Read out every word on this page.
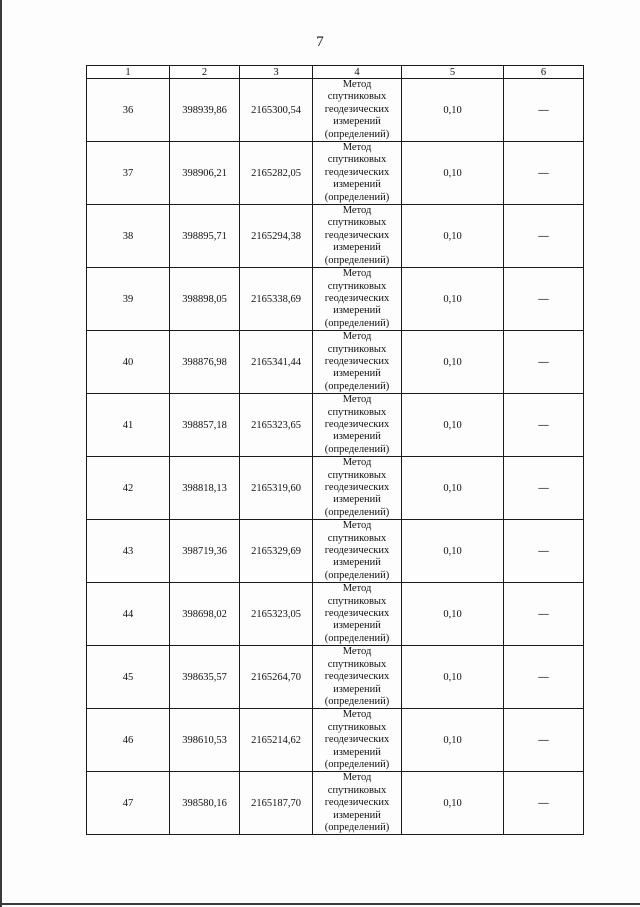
7
1	2	3	4	5	6
36	398939,86	2165300,54	Метод
спутниковых
геодезических
измерений
(определений)	0,10	—
37	398906,21	2165282,05	Метод
спутниковых
геодезических
измерений
(определений)	0,10	—
38	398895,71	2165294,38	Метод
спутниковых
геодезических
измерений
(определений)	0,10	—
39	398898,05	2165338,69	Метод
спутниковых
геодезических
измерений
(определений)	0,10	—
40	398876,98	2165341,44	Метод
спутниковых
геодезических
измерений
(определений)	0,10	—
41	398857,18	2165323,65	Метод
спутниковых
геодезических
измерений
(определений)	0,10	—
42	398818,13	2165319,60	Метод
спутниковых
геодезических
измерений
(определений)	0,10	—
43	398719,36	2165329,69	Метод
спутниковых
геодезических
измерений
(определений)	0,10	—
44	398698,02	2165323,05	Метод
спутниковых
геодезических
измерений
(определений)	0,10	—
45	398635,57	2165264,70	Метод
спутниковых
геодезических
измерений
(определений)	0,10	—
46	398610,53	2165214,62	Метод
спутниковых
геодезических
измерений
(определений)	0,10	—
47	398580,16	2165187,70	Метод
спутниковых
геодезических
измерений
(определений)	0,10	—
